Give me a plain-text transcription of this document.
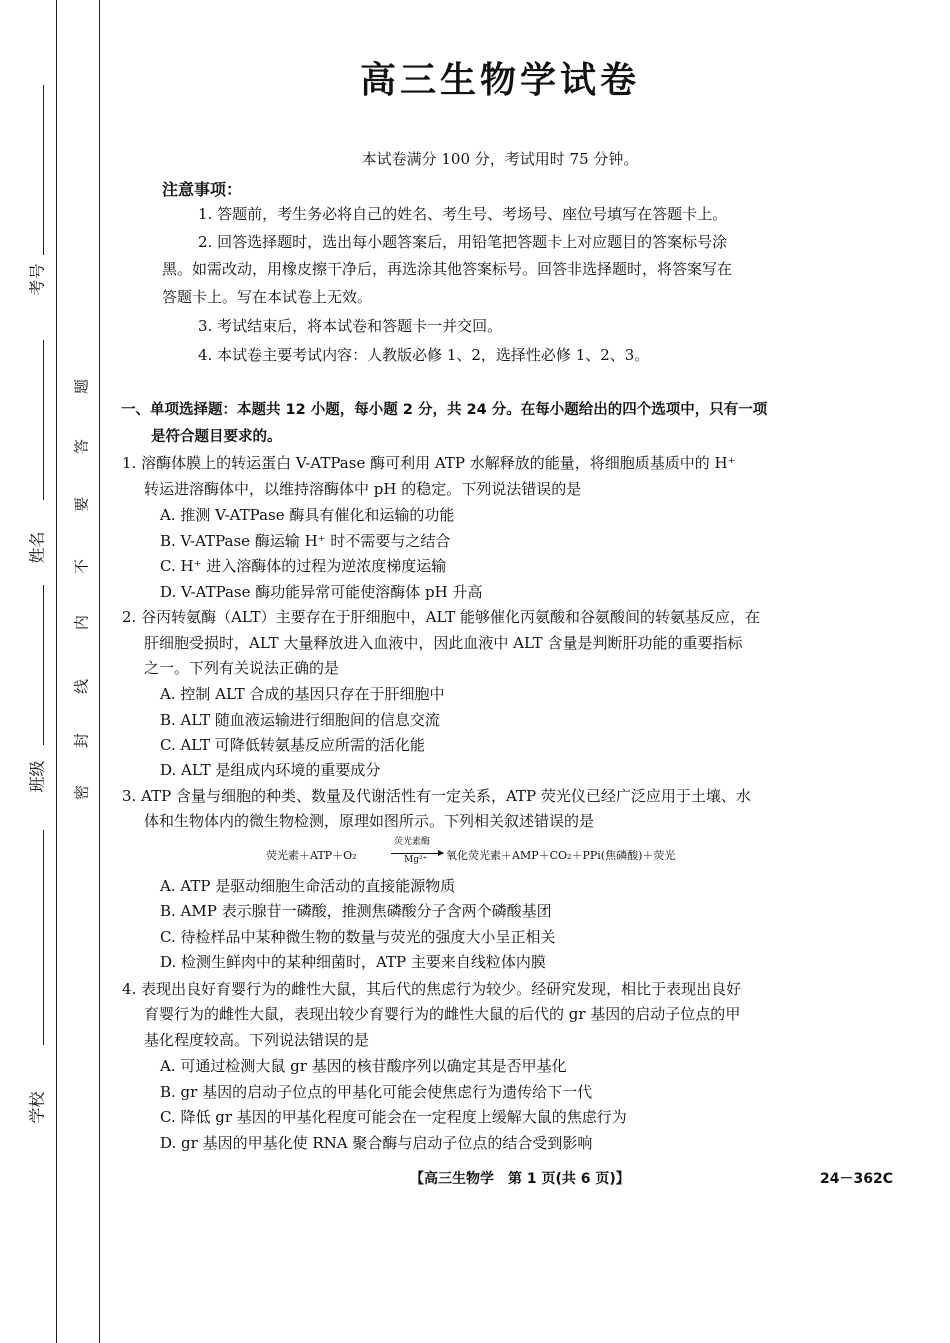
考号
姓名
班级
学校
密
封
线
内
不
要
答
题
高三生物学试卷
本试卷满分 100 分，考试用时 75 分钟。
注意事项：
1. 答题前，考生务必将自己的姓名、考生号、考场号、座位号填写在答题卡上。
2. 回答选择题时，选出每小题答案后，用铅笔把答题卡上对应题目的答案标号涂
黑。如需改动，用橡皮擦干净后，再选涂其他答案标号。回答非选择题时，将答案写在
答题卡上。写在本试卷上无效。
3. 考试结束后，将本试卷和答题卡一并交回。
4. 本试卷主要考试内容：人教版必修 1、2，选择性必修 1、2、3。
一、单项选择题：本题共 12 小题，每小题 2 分，共 24 分。在每小题给出的四个选项中，只有一项
是符合题目要求的。
1. 溶酶体膜上的转运蛋白 V-ATPase 酶可利用 ATP 水解释放的能量，将细胞质基质中的 H⁺
转运进溶酶体中，以维持溶酶体中 pH 的稳定。下列说法错误的是
A. 推测 V-ATPase 酶具有催化和运输的功能
B. V-ATPase 酶运输 H⁺ 时不需要与之结合
C. H⁺ 进入溶酶体的过程为逆浓度梯度运输
D. V-ATPase 酶功能异常可能使溶酶体 pH 升高
2. 谷丙转氨酶（ALT）主要存在于肝细胞中，ALT 能够催化丙氨酸和谷氨酸间的转氨基反应，在
肝细胞受损时，ALT 大量释放进入血液中，因此血液中 ALT 含量是判断肝功能的重要指标
之一。下列有关说法正确的是
A. 控制 ALT 合成的基因只存在于肝细胞中
B. ALT 随血液运输进行细胞间的信息交流
C. ALT 可降低转氨基反应所需的活化能
D. ALT 是组成内环境的重要成分
3. ATP 含量与细胞的种类、数量及代谢活性有一定关系，ATP 荧光仪已经广泛应用于土壤、水
体和生物体内的微生物检测，原理如图所示。下列相关叙述错误的是
荧光素＋ATP＋O₂
荧光素酶
Mg²⁺ 氧化荧光素＋AMP＋CO₂＋PPi(焦磷酸)＋荧光
A. ATP 是驱动细胞生命活动的直接能源物质
B. AMP 表示腺苷一磷酸，推测焦磷酸分子含两个磷酸基团
C. 待检样品中某种微生物的数量与荧光的强度大小呈正相关
D. 检测生鲜肉中的某种细菌时，ATP 主要来自线粒体内膜
4. 表现出良好育婴行为的雌性大鼠，其后代的焦虑行为较少。经研究发现，相比于表现出良好
育婴行为的雌性大鼠，表现出较少育婴行为的雌性大鼠的后代的 gr 基因的启动子位点的甲
基化程度较高。下列说法错误的是
A. 可通过检测大鼠 gr 基因的核苷酸序列以确定其是否甲基化
B. gr 基因的启动子位点的甲基化可能会使焦虑行为遗传给下一代
C. 降低 gr 基因的甲基化程度可能会在一定程度上缓解大鼠的焦虑行为
D. gr 基因的甲基化使 RNA 聚合酶与启动子位点的结合受到影响
【高三生物学　第 1 页(共 6 页)】	24－362C
